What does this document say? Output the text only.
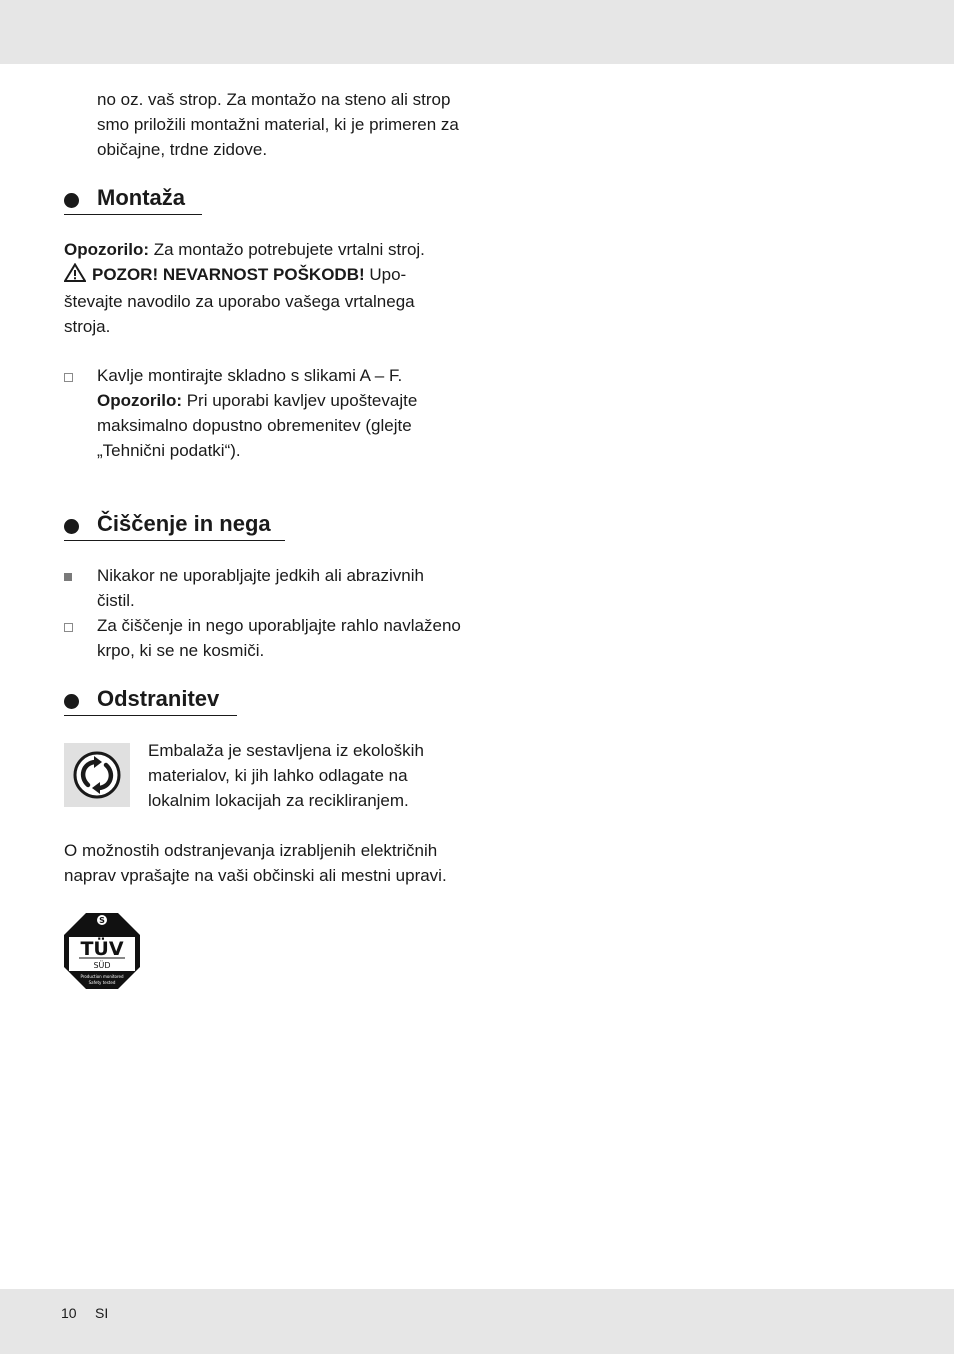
no oz. vaš strop. Za montažo na steno ali strop
smo priložili montažni material, ki je primeren za
običajne, trdne zidove.

Montaža

Opozorilo: Za montažo potrebujete vrtalni stroj.
POZOR! NEVARNOST POŠKODB! Upo-
števajte navodilo za uporabo vašega vrtalnega
stroja.

Kavlje montirajte skladno s slikami A – F.
Opozorilo: Pri uporabi kavljev upoštevajte
maksimalno dopustno obremenitev (glejte
„Tehnični podatki“).

Čiščenje in nega

Nikakor ne uporabljajte jedkih ali abrazivnih
čistil.

Za čiščenje in nego uporabljajte rahlo navlaženo
krpo, ki se ne kosmiči.

Odstranitev

Embalaža je sestavljena iz ekoloških
materialov, ki jih lahko odlagate na
lokalnim lokacijah za recikliranjem.

O možnostih odstranjevanja izrabljenih električnih
naprav vprašajte na vaši občinski ali mestni upravi.

S
TÜV
SÜD
Production monitored
Safety tested
10 SI
